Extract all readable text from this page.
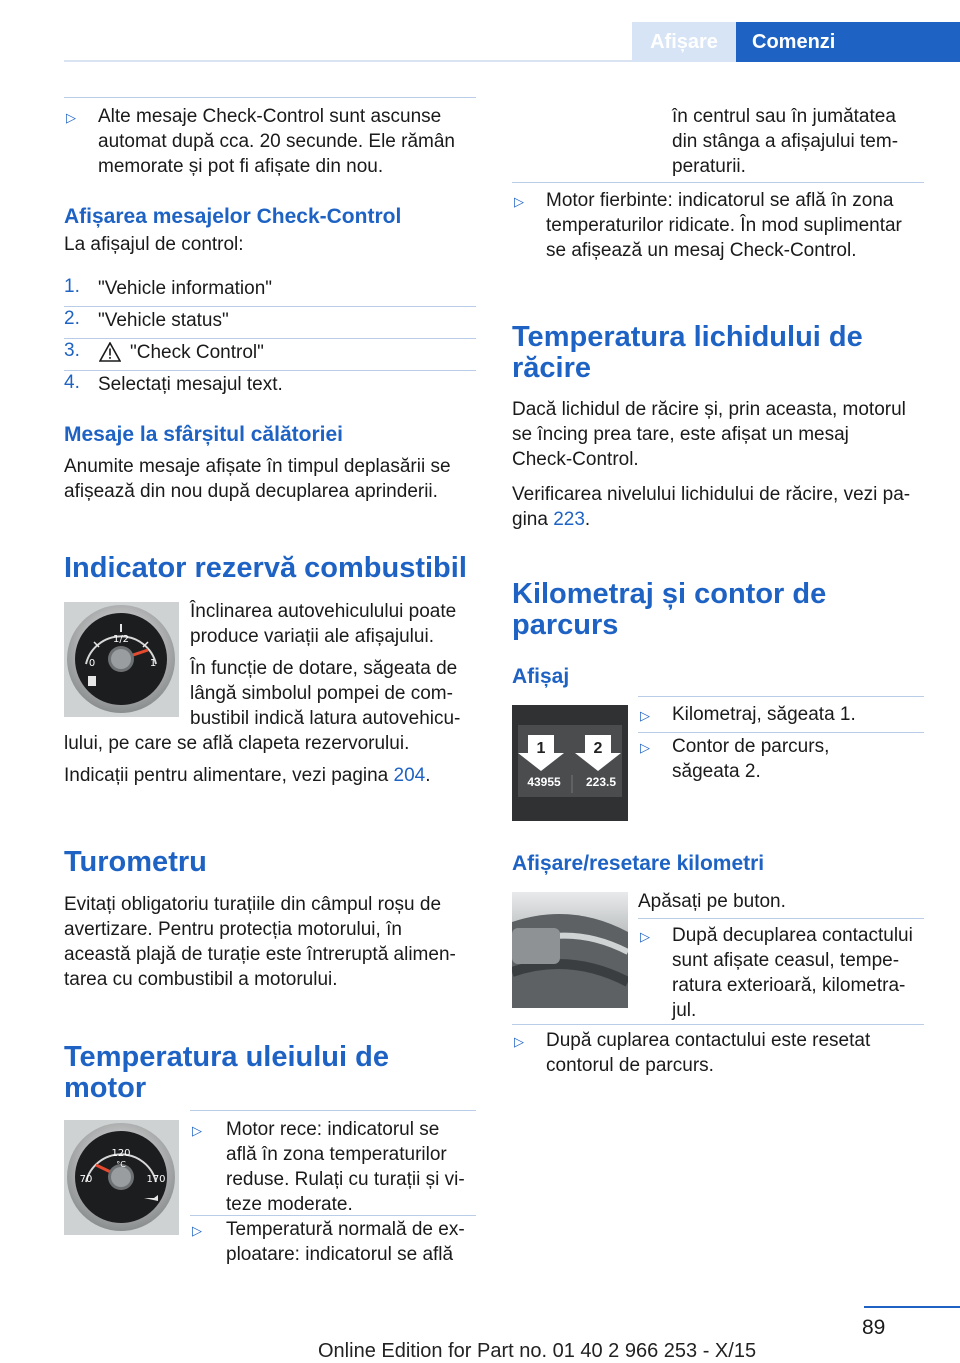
Afișare	Comenzi
▷ Alte mesaje Check-Control sunt ascunse
automat după cca. 20 secunde. Ele rămân
memorate și pot fi afișate din nou.
Afișarea mesajelor Check-Control
La afișajul de control:
1. "Vehicle information"
2. "Vehicle status"
3.	"Check Control"
4. Selectați mesajul text.
Mesaje la sfârșitul călătoriei
Anumite mesaje afișate în timpul deplasării se
afișează din nou după decuplarea aprinderii.
Indicator rezervă combustibil
1/2
0	1
Înclinarea autovehiculului poate
produce variații ale afișajului.
În funcție de dotare, săgeata de
lângă simbolul pompei de com-
bustibil indică latura autovehicu-
lului, pe care se află clapeta rezervorului.
Indicații pentru alimentare, vezi pagina 204.
Turometru
Evitați obligatoriu turațiile din câmpul roșu de
avertizare. Pentru protecția motorului, în
această plajă de turație este întreruptă alimen-
tarea cu combustibil a motorului.
Temperatura uleiului de
motor
120
°C
70	170
▷ Motor rece: indicatorul se
află în zona temperaturilor
reduse. Rulați cu turații și vi-
teze moderate.
▷ Temperatură normală de ex-
ploatare: indicatorul se află
în centrul sau în jumătatea
din stânga a afișajului tem-
peraturii.
▷ Motor fierbinte: indicatorul se află în zona
temperaturilor ridicate. În mod suplimentar
se afișează un mesaj Check-Control.
Temperatura lichidului de
răcire
Dacă lichidul de răcire și, prin aceasta, motorul
se încing prea tare, este afișat un mesaj
Check-Control.
Verificarea nivelului lichidului de răcire, vezi pa-
gina 223.
Kilometraj și contor de
parcurs
Afișaj
1	2
43955 223.5
▷ Kilometraj, săgeata 1.
▷ Contor de parcurs,
săgeata 2.
Afișare/resetare kilometri
Apăsați pe buton.
▷ După decuplarea contactului
sunt afișate ceasul, tempe-
ratura exterioară, kilometra-
jul.
▷ După cuplarea contactului este resetat
contorul de parcurs.
89
Online Edition for Part no. 01 40 2 966 253 - X/15
